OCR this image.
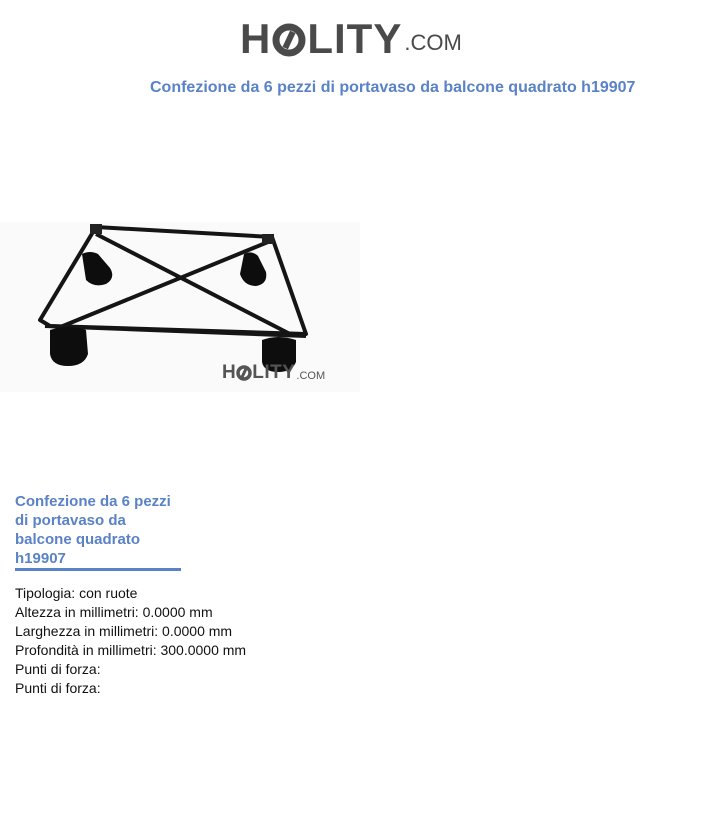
H LITY .COM
Confezione da 6 pezzi di portavaso da balcone quadrato h19907
H LITY .COM
Confezione da 6 pezzi di portavaso da balcone quadrato h19907
Tipologia: con ruote
Altezza in millimetri: 0.0000 mm
Larghezza in millimetri: 0.0000 mm
Profondità in millimetri: 300.0000 mm
Punti di forza:
Punti di forza:
